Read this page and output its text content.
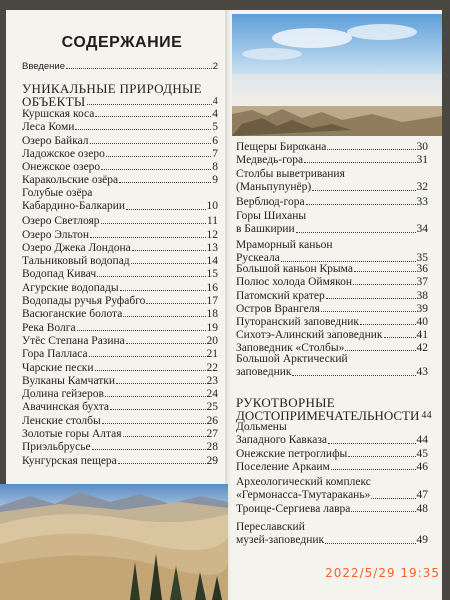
СОДЕРЖАНИЕ
Введение	2
УНИКАЛЬНЫЕ ПРИРОДНЫЕ
ОБЪЕКТЫ	4
Куршская коса	4
Леса Коми	5
Озеро Байкал	6
Ладожское озеро	7
Онежское озеро	8
Каракольские озёра	9
Голубые озёра
Кабардино-Балкарии	10
Озеро Светлояр	11
Озеро Эльтон	12
Озеро Джека Лондона	13
Тальниковый водопад	14
Водопад Кивач	15
Агурские водопады	16
Водопады ручья Руфабго	17
Васюганские болота	18
Река Волга	19
Утёс Степана Разина	20
Гора Палласа	21
Чарские пески	22
Вулканы Камчатки	23
Долина гейзеров	24
Авачинская бухта	25
Ленские столбы	26
Золотые горы Алтая	27
Приэльбрусье	28
Кунгурская пещера	29
Пещеры Бирακана	30
Медведь-гора	31
Столбы выветривания
(Маньпупунёр)	32
Верблюд-гора	33
Горы Шиханы
в Башкирии	34
Мраморный каньон
Рускеала	35
Большой каньон Крыма	36
Полюс холода Оймякон	37
Патомский кратер	38
Остров Врангеля	39
Путоранский заповедник	40
Сихотэ-Алинский заповедник	41
Заповедник «Столбы»	42
Большой Арктический
заповедник	43
РУКОТВОРНЫЕ
ДОСТОПРИМЕЧАТЕЛЬНОСТИ 44
Дольмены
Западного Кавказа	44
Онежские петроглифы	45
Поселение Аркаим	46
Археологический комплекс
«Гермонасса-Тмутаракань»	47
Троице-Сергиева лавра	48
Переславский
музей-заповедник	49
2022/5/29 19:35
